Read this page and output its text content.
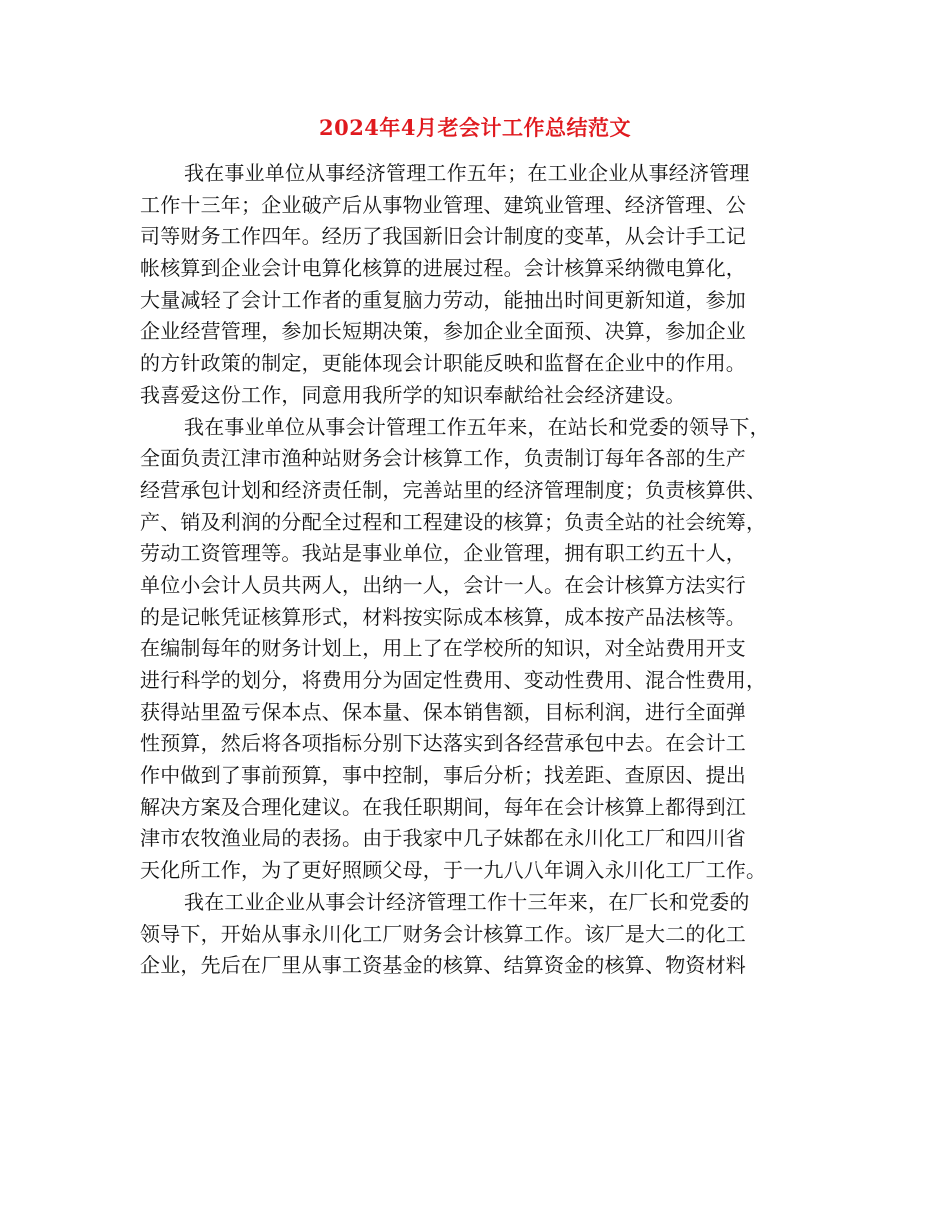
2024年4月老会计工作总结范文
我在事业单位从事经济管理工作五年；在工业企业从事经济管理
工作十三年；企业破产后从事物业管理、建筑业管理、经济管理、公
司等财务工作四年。经历了我国新旧会计制度的变革，从会计手工记
帐核算到企业会计电算化核算的进展过程。会计核算采纳微电算化，
大量减轻了会计工作者的重复脑力劳动，能抽出时间更新知道，参加
企业经营管理，参加长短期决策，参加企业全面预、决算，参加企业
的方针政策的制定，更能体现会计职能反映和监督在企业中的作用。
我喜爱这份工作，同意用我所学的知识奉献给社会经济建设。
我在事业单位从事会计管理工作五年来，在站长和党委的领导下，
全面负责江津市渔种站财务会计核算工作，负责制订每年各部的生产
经营承包计划和经济责任制，完善站里的经济管理制度；负责核算供、
产、销及利润的分配全过程和工程建设的核算；负责全站的社会统筹，
劳动工资管理等。我站是事业单位，企业管理，拥有职工约五十人，
单位小会计人员共两人，出纳一人，会计一人。在会计核算方法实行
的是记帐凭证核算形式，材料按实际成本核算，成本按产品法核等。
在编制每年的财务计划上，用上了在学校所的知识，对全站费用开支
进行科学的划分，将费用分为固定性费用、变动性费用、混合性费用，
获得站里盈亏保本点、保本量、保本销售额，目标利润，进行全面弹
性预算，然后将各项指标分别下达落实到各经营承包中去。在会计工
作中做到了事前预算，事中控制，事后分析；找差距、查原因、提出
解决方案及合理化建议。在我任职期间，每年在会计核算上都得到江
津市农牧渔业局的表扬。由于我家中几子妹都在永川化工厂和四川省
天化所工作，为了更好照顾父母，于一九八八年调入永川化工厂工作。
我在工业企业从事会计经济管理工作十三年来，在厂长和党委的
领导下，开始从事永川化工厂财务会计核算工作。该厂是大二的化工
企业，先后在厂里从事工资基金的核算、结算资金的核算、物资材料
